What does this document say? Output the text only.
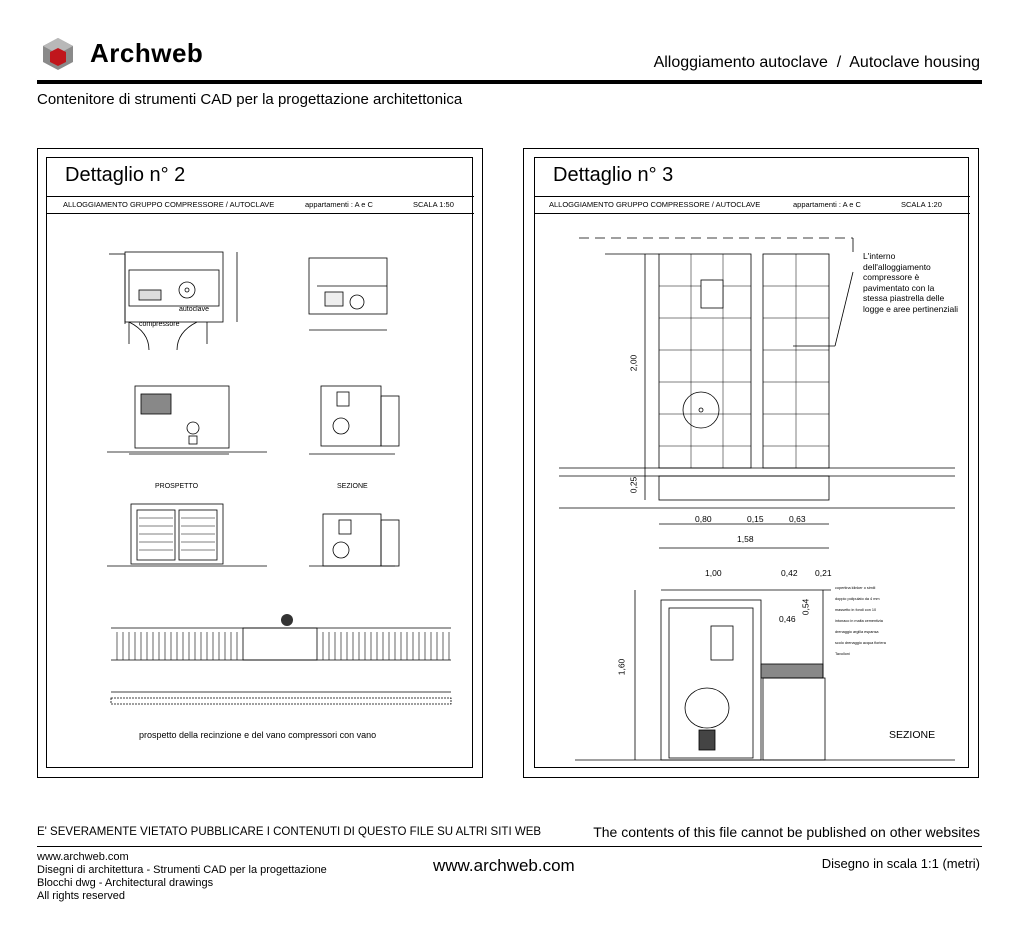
Archweb	Alloggiamento autoclave  /  Autoclave housing
Contenitore di strumenti CAD per la progettazione architettonica
Dettaglio n° 2
ALLOGGIAMENTO GRUPPO COMPRESSORE / AUTOCLAVE	appartamenti : A e C	SCALA 1:50
autoclave
compressore
PROSPETTO	SEZIONE
prospetto della recinzione e del vano compressori con vano
Dettaglio n° 3
ALLOGGIAMENTO GRUPPO COMPRESSORE / AUTOCLAVE	appartamenti : A e C	SCALA 1:20
L'interno
dell'alloggiamento
compressore è
pavimentato con la
stessa piastrella delle
logge e aree pertinenziali
2,00
0,25
0,80	0,15	0,63
1,58
1,00	0,42 0,21
0,54
0,46
1,60
copertina klinker o simili
doppio polipulato da 4 mm
massetto in fondi con 10
intonaco in malta cementizia
drenaggio argilla espansa
scolo drenaggio acqua fioriera
Tavolloni
SEZIONE
E' SEVERAMENTE VIETATO PUBBLICARE I CONTENUTI DI QUESTO FILE SU ALTRI SITI WEB	The contents of this file cannot be published on other websites
www.archweb.com
Disegni di architettura - Strumenti CAD per la progettazione
Blocchi dwg - Architectural drawings
All rights reserved
www.archweb.com	Disegno in scala 1:1 (metri)
